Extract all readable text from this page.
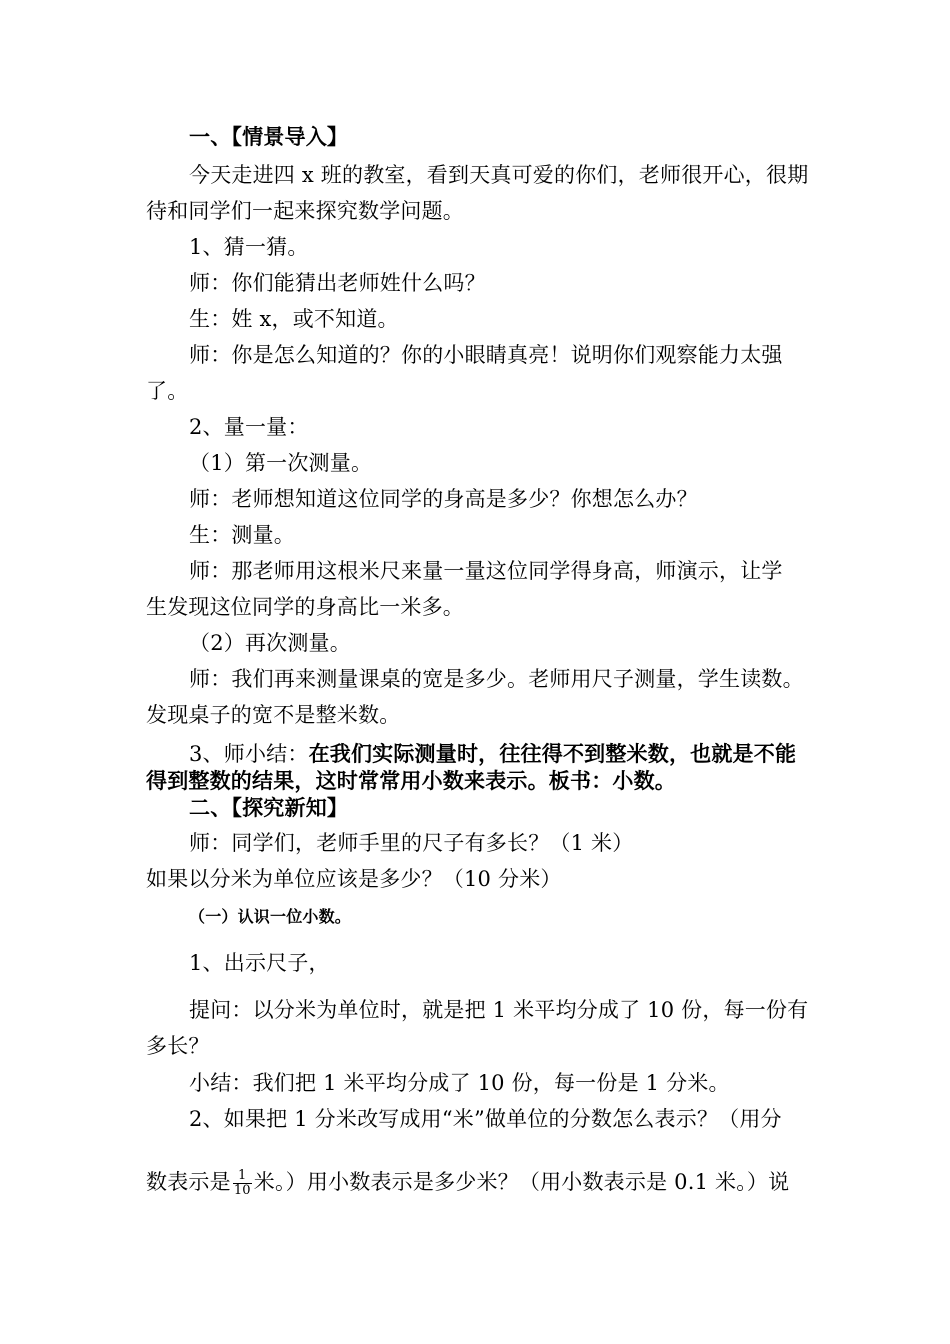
一、【情景导入】
今天走进四 x 班的教室，看到天真可爱的你们，老师很开心，很期
待和同学们一起来探究数学问题。
1、猜一猜。
师：你们能猜出老师姓什么吗？
生：姓 x，或不知道。
师：你是怎么知道的？你的小眼睛真亮！说明你们观察能力太强
了。
2、量一量：
（1）第一次测量。
师：老师想知道这位同学的身高是多少？你想怎么办？
生：测量。
师：那老师用这根米尺来量一量这位同学得身高，师演示，让学
生发现这位同学的身高比一米多。
（2）再次测量。
师：我们再来测量课桌的宽是多少。老师用尺子测量，学生读数。
发现桌子的宽不是整米数。
3、师小结：在我们实际测量时，往往得不到整米数，也就是不能
得到整数的结果，这时常常用小数来表示。板书：小数。
二、【探究新知】
师：同学们，老师手里的尺子有多长？（1 米）
如果以分米为单位应该是多少？（10 分米）
（一）认识一位小数。
1、出示尺子，
提问：以分米为单位时，就是把 1 米平均分成了 10 份，每一份有
多长？
小结：我们把 1 米平均分成了 10 份，每一份是 1 分米。
2、如果把 1 分米改写成用“米”做单位的分数怎么表示？（用分
数表示是 $\frac{1}{10}$ 米。）用小数表示是多少米？（用小数表示是 0.1 米。）说
